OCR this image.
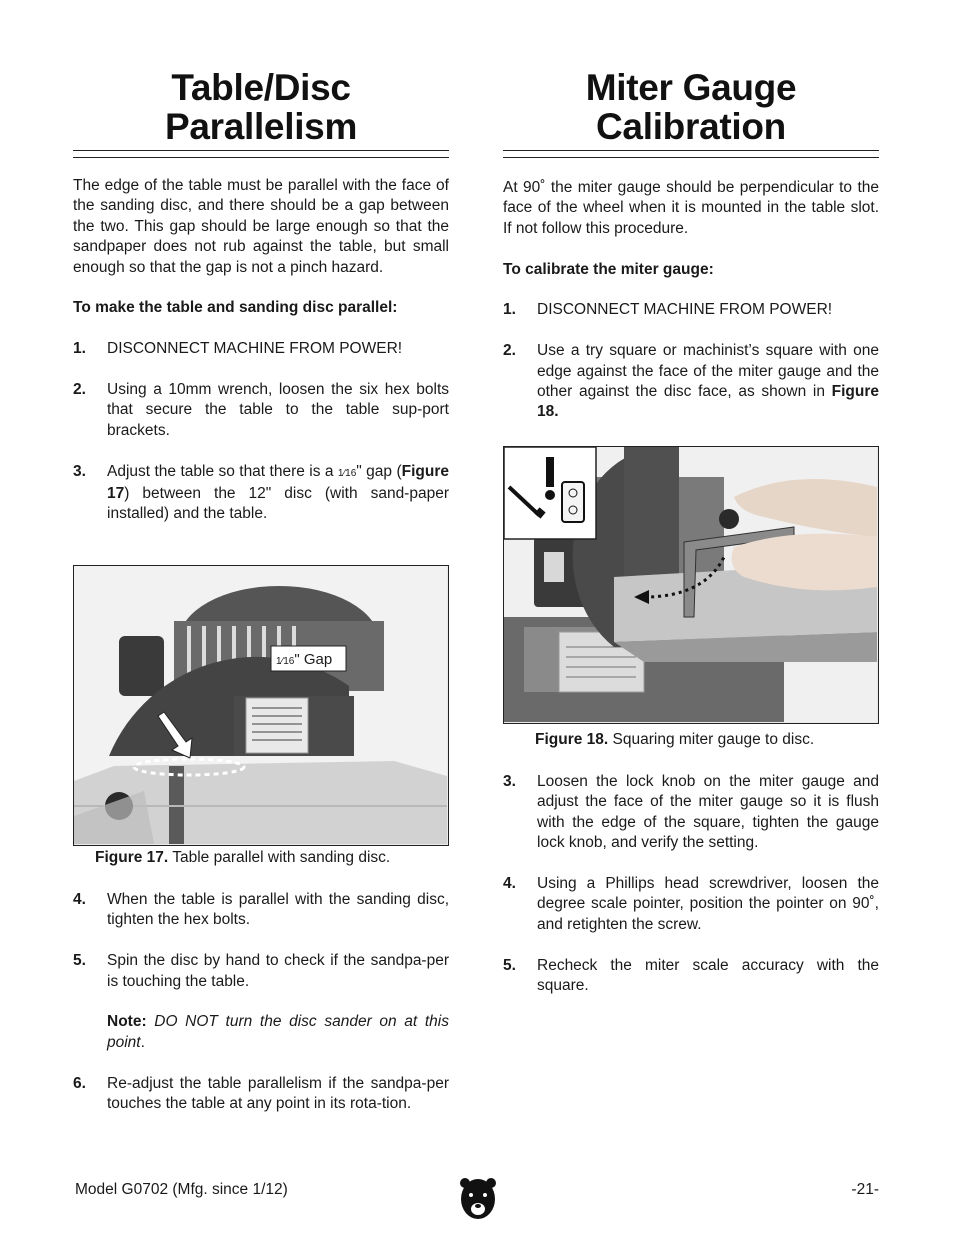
Table/Disc
Parallelism

The edge of the table must be parallel with the face of the sanding disc, and there should be a gap between the two. This gap should be large enough so that the sandpaper does not rub against the table, but small enough so that the gap is not a pinch hazard.

To make the table and sanding disc parallel:

1.	DISCONNECT MACHINE FROM POWER!
2.	Using a 10mm wrench, loosen the six hex bolts that secure the table to the table sup-port brackets.
3.	Adjust the table so that there is a 1⁄16" gap (Figure 17) between the 12" disc (with sand-paper installed) and the table.
1⁄16" Gap
Figure 17. Table parallel with sanding disc.
4.	When the table is parallel with the sanding disc, tighten the hex bolts.
5.	Spin the disc by hand to check if the sandpa-per is touching the table.

Note: DO NOT turn the disc sander on at this point.
6.	Re-adjust the table parallelism if the sandpa-per touches the table at any point in its rota-tion.
Miter Gauge
Calibration

At 90˚ the miter gauge should be perpendicular to the face of the wheel when it is mounted in the table slot. If not follow this procedure.

To calibrate the miter gauge:

1.	DISCONNECT MACHINE FROM POWER!
2.	Use a try square or machinist’s square with one edge against the face of the miter gauge and the other against the disc face, as shown in Figure 18.
Figure 18. Squaring miter gauge to disc.
3.	Loosen the lock knob on the miter gauge and adjust the face of the miter gauge so it is flush with the edge of the square, tighten the gauge lock knob, and verify the setting.
4.	Using a Phillips head screwdriver, loosen the degree scale pointer, position the pointer on 90˚, and retighten the screw.
5.	Recheck the miter scale accuracy with the square.
Model G0702 (Mfg. since 1/12)	-21-
